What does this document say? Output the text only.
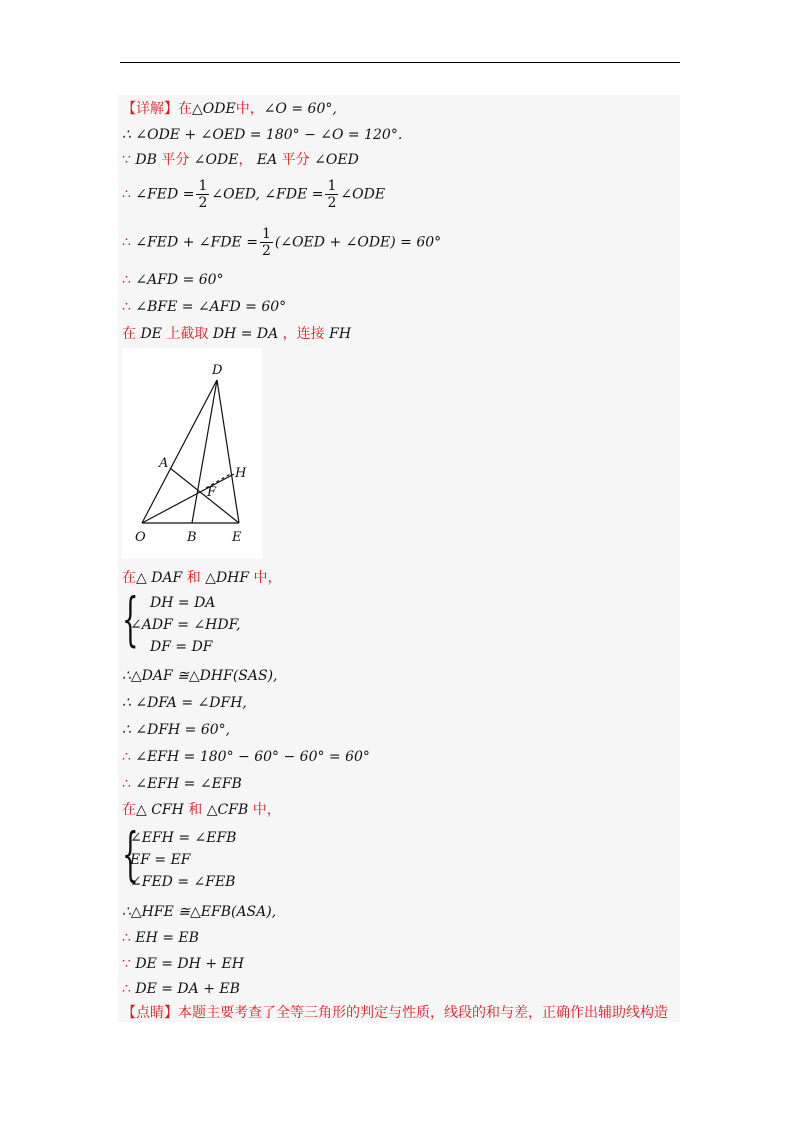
【详解】在△ODE中，∠O = 60°,
∴ ∠ODE + ∠OED = 180° − ∠O = 120°.
∵ DB 平分 ∠ODE， EA 平分 ∠OED
∴ ∠FED = $\frac{1}{2}$ ∠OED, ∠FDE = $\frac{1}{2}$ ∠ODE
∴ ∠FED + ∠FDE = $\frac{1}{2}$ (∠OED + ∠ODE) = 60°
∴ ∠AFD = 60°
∴ ∠BFE = ∠AFD = 60°
在 DE 上截取 DH = DA ，连接 FH
D
A
H
F
O	B	E
在△ DAF 和 △DHF 中，
{ DH = DA
∠ADF = ∠HDF,
DF = DF
∴△DAF ≅△DHF(SAS),
∴ ∠DFA = ∠DFH,
∴ ∠DFH = 60°,
∴ ∠EFH = 180° − 60° − 60° = 60°
∴ ∠EFH = ∠EFB
在△ CFH 和 △CFB 中，
{
∠EFH = ∠EFB
EF = EF
∠FED = ∠FEB
∴△HFE ≅△EFB(ASA),
∴ EH = EB
∵ DE = DH + EH
∴ DE = DA + EB
【点睛】本题主要考查了全等三角形的判定与性质，线段的和与差，正确作出辅助线构造
